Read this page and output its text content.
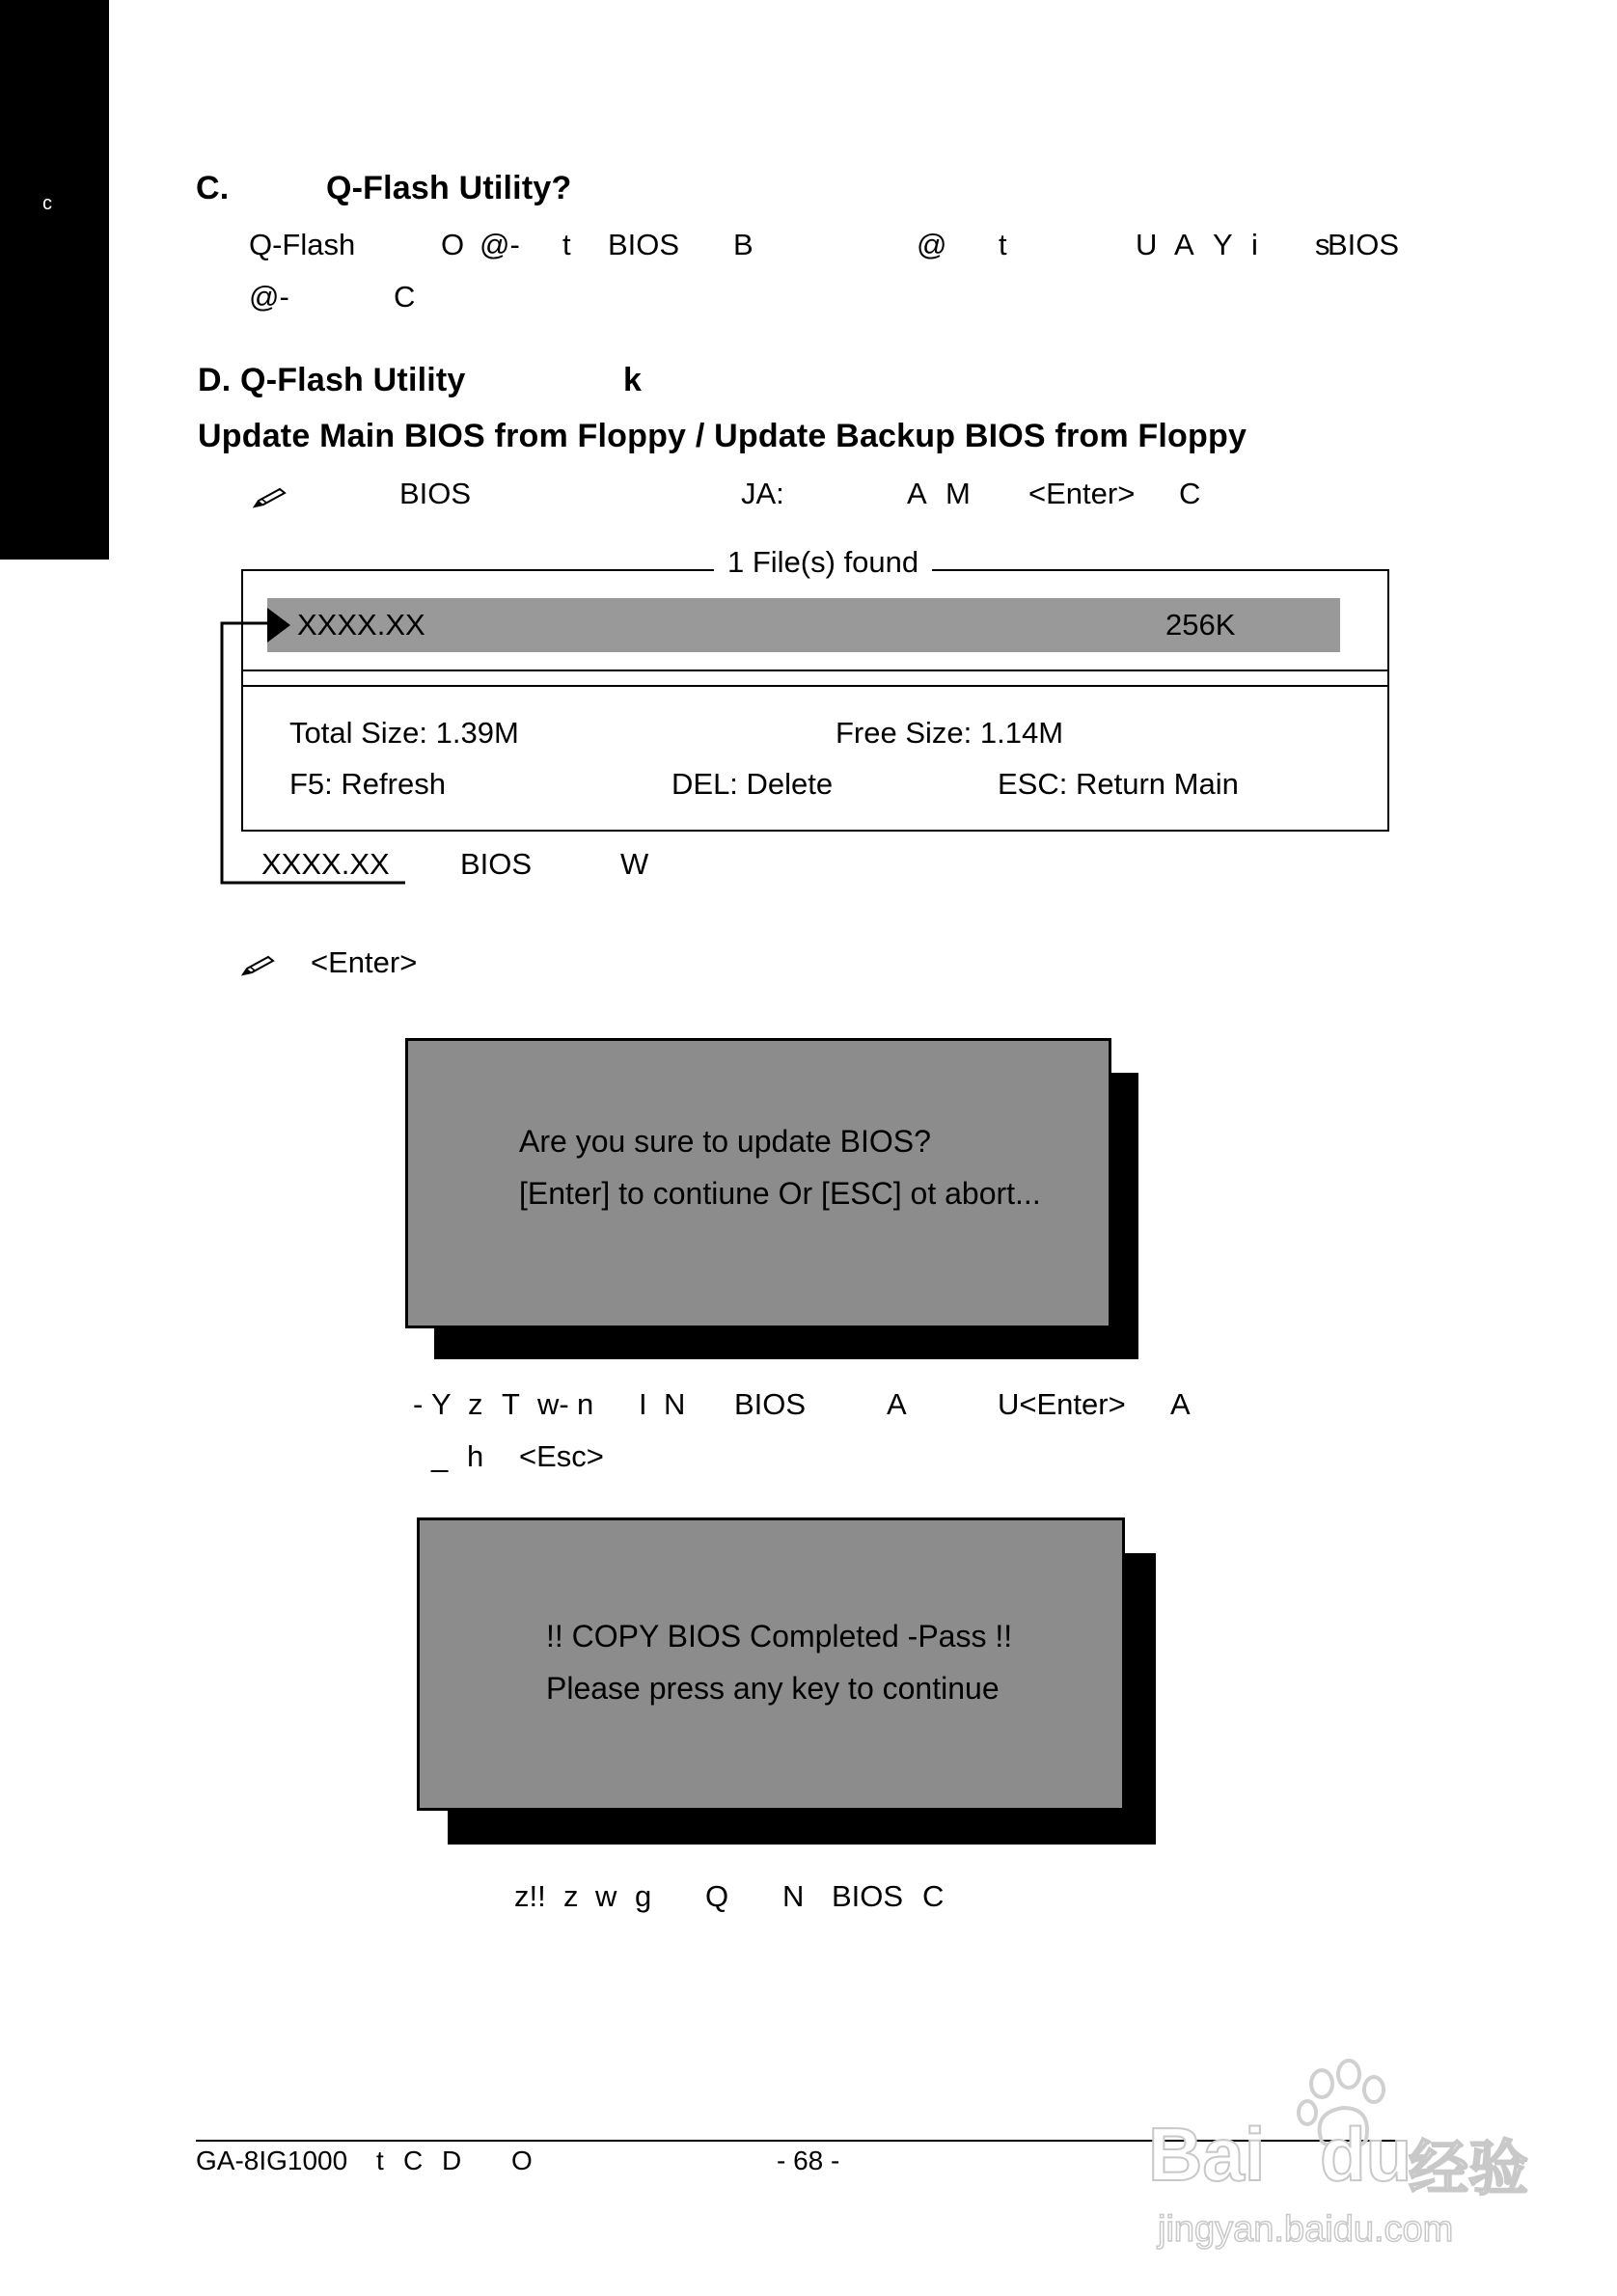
c	C.	Q-Flash Utility?
Q-Flash	O @- t BIOS B	@ t	U A Y i s
BIOS
@-	C
D. Q-Flash Utility	k
Update Main BIOS from Floppy / Update Backup BIOS from Floppy
BIOS	JA:	A M <Enter> C
1 File(s) found
XXXX.XX	256K
Total Size: 1.39M	Free Size: 1.14M
F5: Refresh	DEL: Delete	ESC: Return Main
XXXX.XX BIOS	W
<Enter>
Are you sure to update BIOS?
[Enter] to contiune Or [ESC] ot abort...
- Y z T w- n I N BIOS	A	U<Enter> A
_ h <Esc>
!! COPY BIOS Completed -Pass !!
Please press any key to continue
z!! z w g Q N BIOS C
GA-8IG1000 t C D O	- 68 -	Bai du
经验
jingyan.baidu.com
